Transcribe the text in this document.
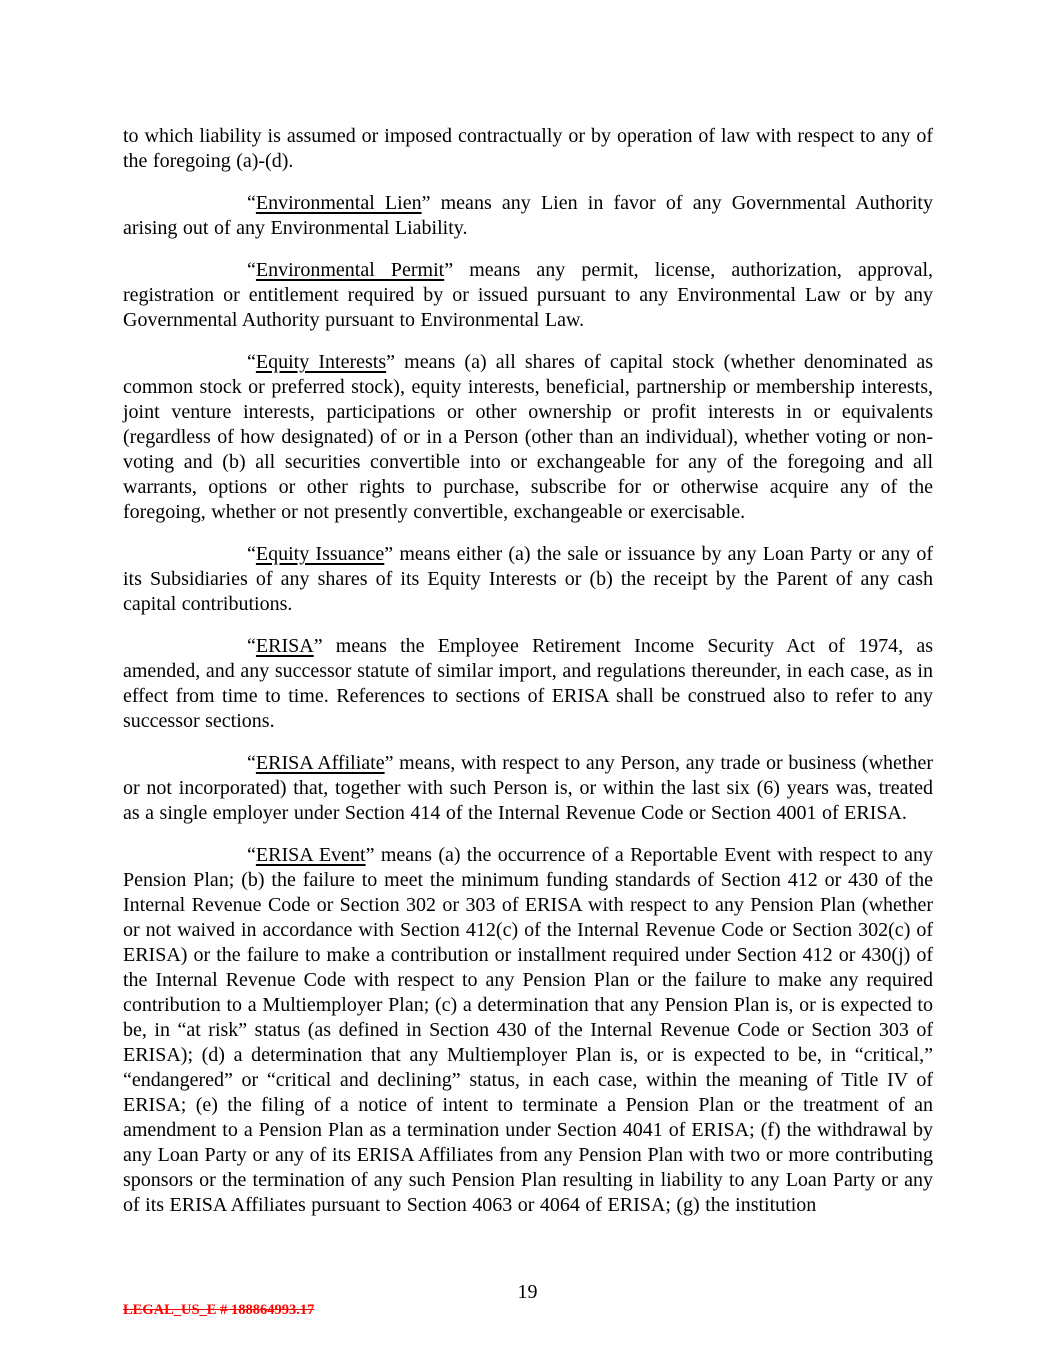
to which liability is assumed or imposed contractually or by operation of law with respect to any of the foregoing (a)-(d).

“Environmental Lien” means any Lien in favor of any Governmental Authority arising out of any Environmental Liability.

“Environmental Permit” means any permit, license, authorization, approval, registration or entitlement required by or issued pursuant to any Environmental Law or by any Governmental Authority pursuant to Environmental Law.

“Equity Interests” means (a) all shares of capital stock (whether denominated as common stock or preferred stock), equity interests, beneficial, partnership or membership interests, joint venture interests, participations or other ownership or profit interests in or equivalents (regardless of how designated) of or in a Person (other than an individual), whether voting or non-voting and (b) all securities convertible into or exchangeable for any of the foregoing and all warrants, options or other rights to purchase, subscribe for or otherwise acquire any of the foregoing, whether or not presently convertible, exchangeable or exercisable.

“Equity Issuance” means either (a) the sale or issuance by any Loan Party or any of its Subsidiaries of any shares of its Equity Interests or (b) the receipt by the Parent of any cash capital contributions.

“ERISA” means the Employee Retirement Income Security Act of 1974, as amended, and any successor statute of similar import, and regulations thereunder, in each case, as in effect from time to time. References to sections of ERISA shall be construed also to refer to any successor sections.

“ERISA Affiliate” means, with respect to any Person, any trade or business (whether or not incorporated) that, together with such Person is, or within the last six (6) years was, treated as a single employer under Section 414 of the Internal Revenue Code or Section 4001 of ERISA.

“ERISA Event” means (a) the occurrence of a Reportable Event with respect to any Pension Plan; (b) the failure to meet the minimum funding standards of Section 412 or 430 of the Internal Revenue Code or Section 302 or 303 of ERISA with respect to any Pension Plan (whether or not waived in accordance with Section 412(c) of the Internal Revenue Code or Section 302(c) of ERISA) or the failure to make a contribution or installment required under Section 412 or 430(j) of the Internal Revenue Code with respect to any Pension Plan or the failure to make any required contribution to a Multiemployer Plan; (c) a determination that any Pension Plan is, or is expected to be, in “at risk” status (as defined in Section 430 of the Internal Revenue Code or Section 303 of ERISA); (d) a determination that any Multiemployer Plan is, or is expected to be, in “critical,” “endangered” or “critical and declining” status, in each case, within the meaning of Title IV of ERISA; (e) the filing of a notice of intent to terminate a Pension Plan or the treatment of an amendment to a Pension Plan as a termination under Section 4041 of ERISA; (f) the withdrawal by any Loan Party or any of its ERISA Affiliates from any Pension Plan with two or more contributing sponsors or the termination of any such Pension Plan resulting in liability to any Loan Party or any of its ERISA Affiliates pursuant to Section 4063 or 4064 of ERISA; (g) the institution

19
LEGAL_US_E # 188864993.17
